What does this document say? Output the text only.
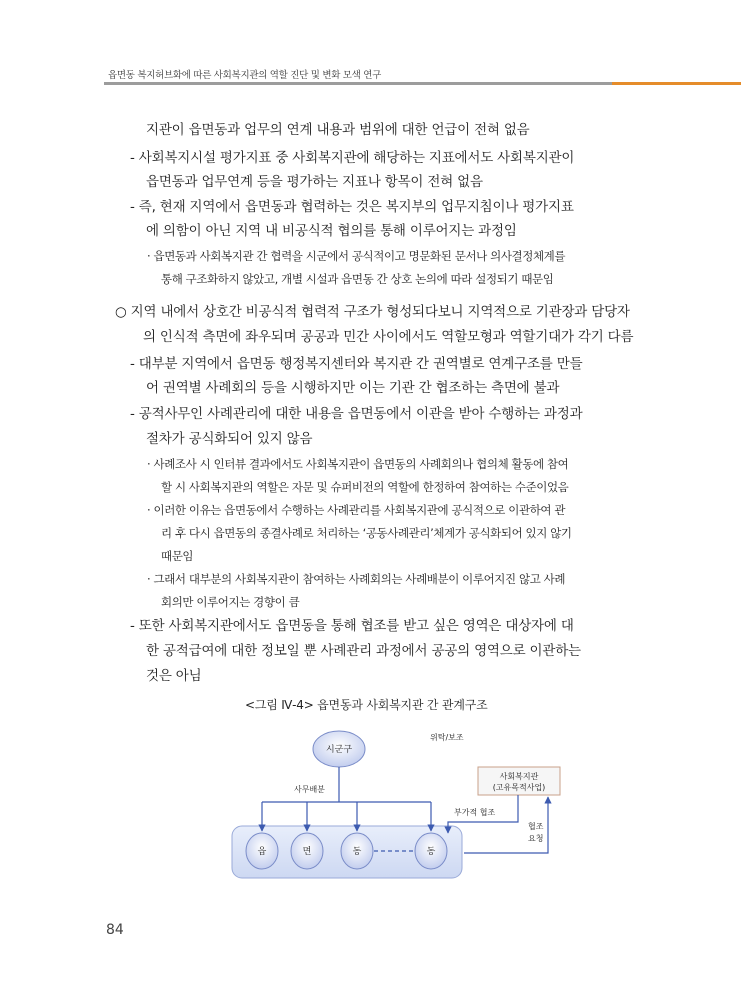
읍면동 복지허브화에 따른 사회복지관의 역할 진단 및 변화 모색 연구
지관이 읍면동과 업무의 연계 내용과 범위에 대한 언급이 전혀 없음
- 사회복지시설 평가지표 중 사회복지관에 해당하는 지표에서도 사회복지관이
읍면동과 업무연계 등을 평가하는 지표나 항목이 전혀 없음
- 즉, 현재 지역에서 읍면동과 협력하는 것은 복지부의 업무지침이나 평가지표
에 의함이 아닌 지역 내 비공식적 협의를 통해 이루어지는 과정임
· 읍면동과 사회복지관 간 협력을 시군에서 공식적이고 명문화된 문서나 의사결정체계를
통해 구조화하지 않았고, 개별 시설과 읍면동 간 상호 논의에 따라 설정되기 때문임
○ 지역 내에서 상호간 비공식적 협력적 구조가 형성되다보니 지역적으로 기관장과 담당자
의 인식적 측면에 좌우되며 공공과 민간 사이에서도 역할모형과 역할기대가 각기 다름
- 대부분 지역에서 읍면동 행정복지센터와 복지관 간 권역별로 연계구조를 만들
어 권역별 사례회의 등을 시행하지만 이는 기관 간 협조하는 측면에 불과
- 공적사무인 사례관리에 대한 내용을 읍면동에서 이관을 받아 수행하는 과정과
절차가 공식화되어 있지 않음
· 사례조사 시 인터뷰 결과에서도 사회복지관이 읍면동의 사례회의나 협의체 활동에 참여
할 시 사회복지관의 역할은 자문 및 슈퍼비전의 역할에 한정하여 참여하는 수준이었음
· 이러한 이유는 읍면동에서 수행하는 사례관리를 사회복지관에 공식적으로 이관하여 관
리 후 다시 읍면동의 종결사례로 처리하는 ‘공동사례관리’체계가 공식화되어 있지 않기
때문임
· 그래서 대부분의 사회복지관이 참여하는 사례회의는 사례배분이 이루어지진 않고 사례
회의만 이루어지는 경향이 큼
- 또한 사회복지관에서도 읍면동을 통해 협조를 받고 싶은 영역은 대상자에 대
한 공적급여에 대한 정보일 뿐 사례관리 과정에서 공공의 영역으로 이관하는
것은 아님
<그림 Ⅳ-4> 읍면동과 사회복지관 간 관계구조
시군구
사회복지관
(고유목적사업)
읍	면	동	동
위탁/보조
사무배분
부가적 협조
협조
요청
84
